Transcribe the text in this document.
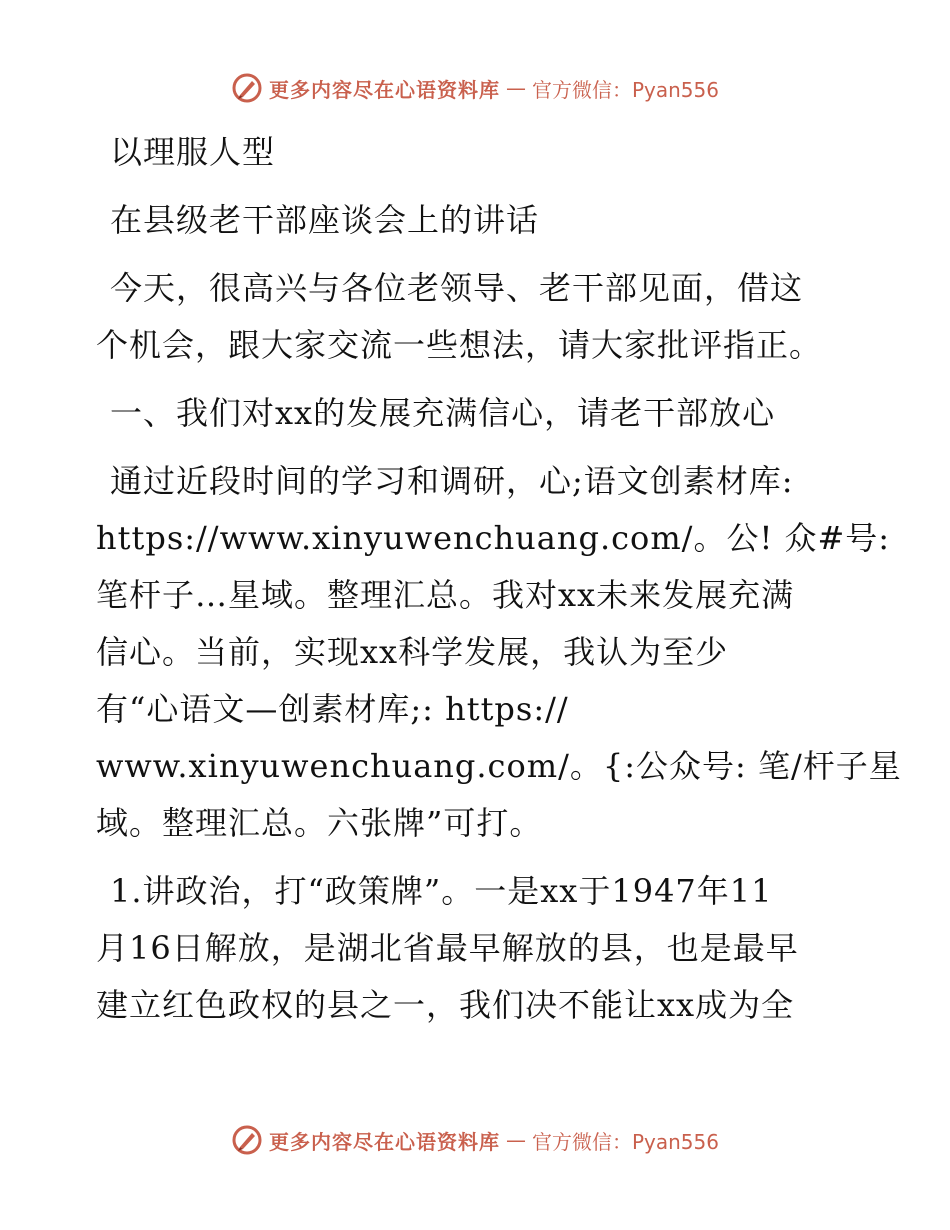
更多内容尽在心语资料库 — 官方微信：Pyan556
以理服人型
在县级老干部座谈会上的讲话
今天，很高兴与各位老领导、老干部见面，借这
个机会，跟大家交流一些想法，请大家批评指正。
一、我们对xx的发展充满信心，请老干部放心
通过近段时间的学习和调研，心;语文创素材库:
https://www.xinyuwenchuang.com/。公! 众#号:
笔杆子…星域。整理汇总。我对xx未来发展充满
信心。当前，实现xx科学发展，我认为至少
有“心语文—创素材库;: https://
www.xinyuwenchuang.com/。{:公众号: 笔/杆子星
域。整理汇总。六张牌”可打。
1.讲政治，打“政策牌”。一是xx于1947年11
月16日解放，是湖北省最早解放的县，也是最早
建立红色政权的县之一，我们决不能让xx成为全
更多内容尽在心语资料库 — 官方微信：Pyan556
